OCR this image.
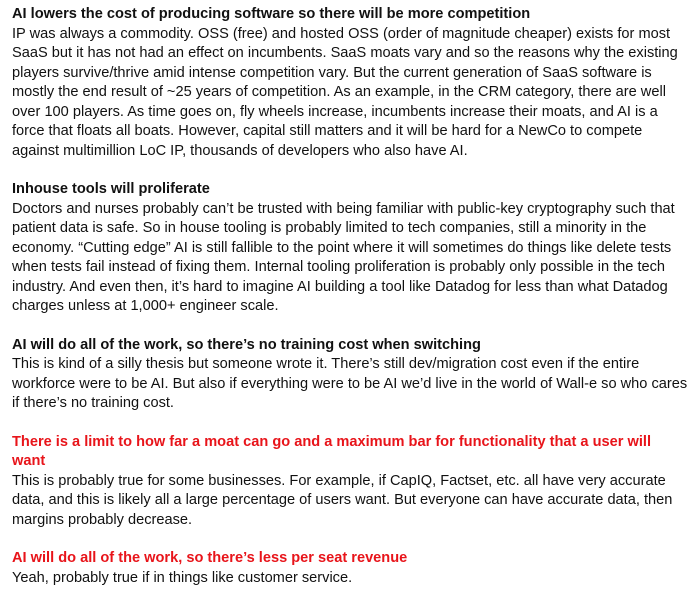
AI lowers the cost of producing software so there will be more competition

IP was always a commodity. OSS (free) and hosted OSS (order of magnitude cheaper) exists for most SaaS but it has not had an effect on incumbents. SaaS moats vary and so the reasons why the existing players survive/thrive amid intense competition vary. But the current generation of SaaS software is mostly the end result of ~25 years of competition. As an example, in the CRM category, there are well over 100 players. As time goes on, fly wheels increase, incumbents increase their moats, and AI is a force that floats all boats. However, capital still matters and it will be hard for a NewCo to compete against multimillion LoC IP, thousands of developers who also have AI.

Inhouse tools will proliferate

Doctors and nurses probably can’t be trusted with being familiar with public-key cryptography such that patient data is safe. So in house tooling is probably limited to tech companies, still a minority in the economy. “Cutting edge” AI is still fallible to the point where it will sometimes do things like delete tests when tests fail instead of fixing them. Internal tooling proliferation is probably only possible in the tech industry. And even then, it’s hard to imagine AI building a tool like Datadog for less than what Datadog charges unless at 1,000+ engineer scale.

AI will do all of the work, so there’s no training cost when switching

This is kind of a silly thesis but someone wrote it. There’s still dev/migration cost even if the entire workforce were to be AI. But also if everything were to be AI we’d live in the world of Wall-e so who cares if there’s no training cost.

There is a limit to how far a moat can go and a maximum bar for functionality that a user will want

This is probably true for some businesses. For example, if CapIQ, Factset, etc. all have very accurate data, and this is likely all a large percentage of users want. But everyone can have accurate data, then margins probably decrease.

AI will do all of the work, so there’s less per seat revenue

Yeah, probably true if in things like customer service.
